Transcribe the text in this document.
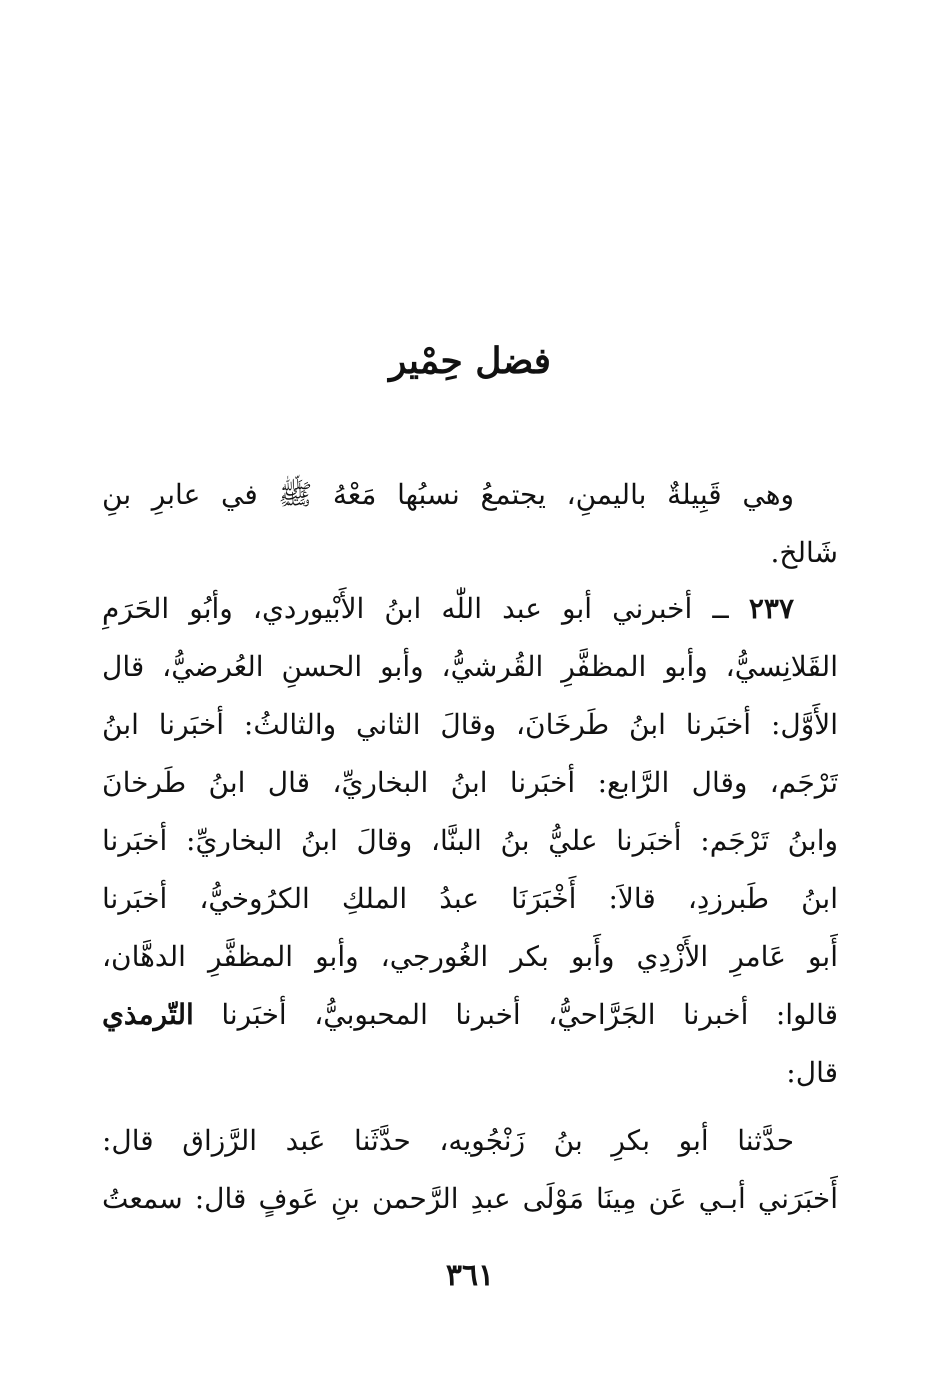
فضل حِمْير
وهي قَبِيلةٌ باليمنِ، يجتمعُ نسبُها مَعْهُ ﷺ في عابرِ بنِ
شَالخ.
٢٣٧ ــ أخبرني أبو عبد اللّٰه ابنُ الأَبْيوردي، وأبُو الحَرَمِ
القَلانِسيُّ، وأبو المظفَّرِ القُرشيُّ، وأبو الحسنِ العُرضيُّ، قال
الأَوَّل: أخبَرنا ابنُ طَرخَانَ، وقالَ الثاني والثالثُ: أخبَرنا ابنُ
تَرْجَم، وقال الرَّابع: أخبَرنا ابنُ البخاريِّ، قال ابنُ طَرخانَ
وابنُ تَرْجَم: أخبَرنا عليُّ بنُ البنَّا، وقالَ ابنُ البخاريِّ: أخبَرنا
ابنُ طَبرزدِ، قالاَ: أَخْبَرَنَا عبدُ الملكِ الكرُوخيُّ، أخبَرنا
أَبو عَامرِ الأَزْدِي وأَبو بكر الغُورجي، وأبو المظفَّرِ الدهَّان،
قالوا: أخبرنا الجَرَّاحيُّ، أخبرنا المحبوبيُّ، أخبَرنا التّرمذي
قال:
حدَّثنا أبو بكرِ بنُ زَنْجُويه، حدَّثَنا عَبد الرَّزاق قال:
أَخبَرَني أبـي عَن مِينَا مَوْلَى عبدِ الرَّحمن بنِ عَوفٍ قال: سمعتُ
٣٦١
